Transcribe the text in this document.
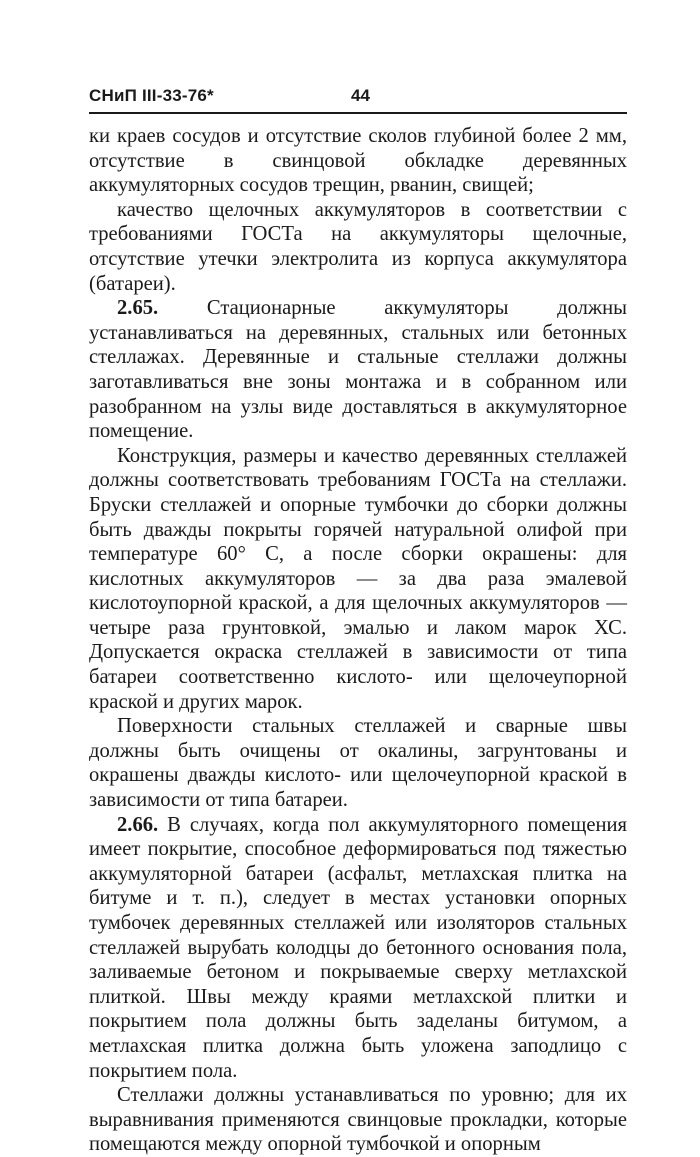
СНиП III-33-76*	44

ки краев сосудов и отсутствие сколов глубиной более 2 мм, отсутствие в свинцовой обкладке деревянных аккумуляторных сосудов трещин, рванин, свищей;

качество щелочных аккумуляторов в соответствии с требованиями ГОСТа на аккумуляторы щелочные, отсутствие утечки электролита из корпуса аккумулятора (батареи).

2.65. Стационарные аккумуляторы должны устанавливаться на деревянных, стальных или бетонных стеллажах. Деревянные и стальные стеллажи должны заготавливаться вне зоны монтажа и в собранном или разобранном на узлы виде доставляться в аккумуляторное помещение.

Конструкция, размеры и качество деревянных стеллажей должны соответствовать требованиям ГОСТа на стеллажи. Бруски стеллажей и опорные тумбочки до сборки должны быть дважды покрыты горячей натуральной олифой при температуре 60° С, а после сборки окрашены: для кислотных аккумуляторов — за два раза эмалевой кислотоупорной краской, а для щелочных аккумуляторов — четыре раза грунтовкой, эмалью и лаком марок ХС. Допускается окраска стеллажей в зависимости от типа батареи соответственно кислото- или щелочеупорной краской и других марок.

Поверхности стальных стеллажей и сварные швы должны быть очищены от окалины, загрунтованы и окрашены дважды кислото- или щелочеупорной краской в зависимости от типа батареи.

2.66. В случаях, когда пол аккумуляторного помещения имеет покрытие, способное деформироваться под тяжестью аккумуляторной батареи (асфальт, метлахская плитка на битуме и т. п.), следует в местах установки опорных тумбочек деревянных стеллажей или изоляторов стальных стеллажей вырубать колодцы до бетонного основания пола, заливаемые бетоном и покрываемые сверху метлахской плиткой. Швы между краями метлахской плитки и покрытием пола должны быть заделаны битумом, а метлахская плитка должна быть уложена заподлицо с покрытием пола.

Стеллажи должны устанавливаться по уровню; для их выравнивания применяются свинцовые прокладки, которые помещаются между опорной тумбочкой и опорным
